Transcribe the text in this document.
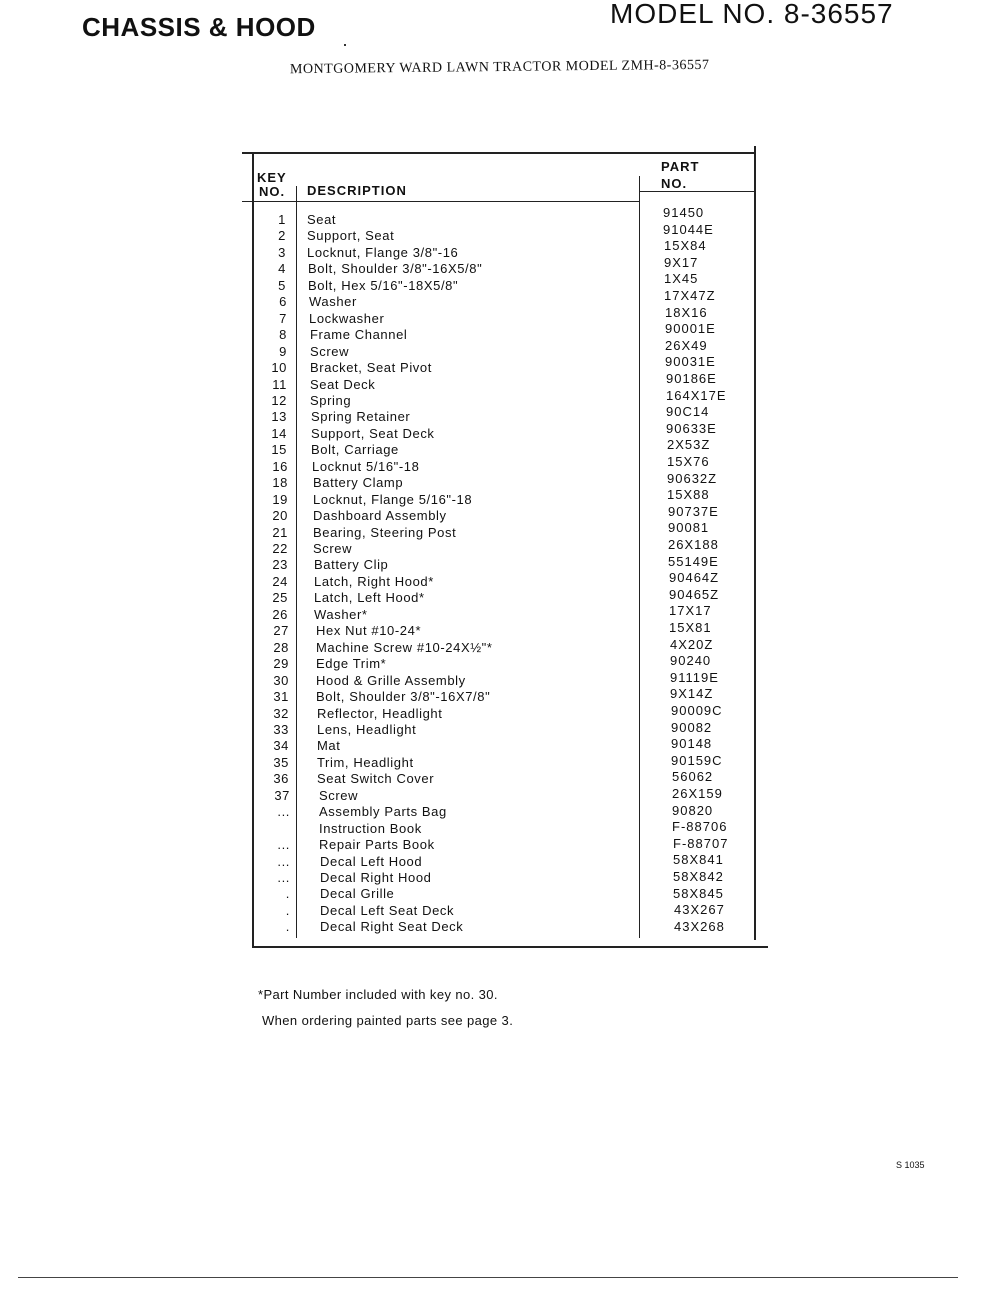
CHASSIS & HOOD	MODEL NO. 8-36557
MONTGOMERY WARD LAWN TRACTOR MODEL ZMH-8-36557
KEY
NO. DESCRIPTION
PART
NO.
1 Seat	91450
2 Support, Seat	91044E
3 Locknut, Flange 3/8"-16	15X84
4 Bolt, Shoulder 3/8"-16X5/8"	9X17
5 Bolt, Hex 5/16"-18X5/8"	1X45
6 Washer	17X47Z
7 Lockwasher	18X16
8 Frame Channel	90001E
9 Screw	26X49
10 Bracket, Seat Pivot	90031E
11 Seat Deck	90186E
12 Spring	164X17E
13 Spring Retainer	90C14
14 Support, Seat Deck	90633E
15 Bolt, Carriage	2X53Z
16 Locknut 5/16"-18	15X76
18 Battery Clamp	90632Z
19 Locknut, Flange 5/16"-18	15X88
20 Dashboard Assembly	90737E
21 Bearing, Steering Post	90081
22 Screw	26X188
23 Battery Clip	55149E
24 Latch, Right Hood*	90464Z
25 Latch, Left Hood*	90465Z
26 Washer*	17X17
27 Hex Nut #10-24*	15X81
28 Machine Screw #10-24X½"*	4X20Z
29 Edge Trim*	90240
30 Hood & Grille Assembly	91119E
31 Bolt, Shoulder 3/8"-16X7/8"	9X14Z
32 Reflector, Headlight	90009C
33 Lens, Headlight	90082
34 Mat	90148
35 Trim, Headlight	90159C
36 Seat Switch Cover	56062
37 Screw	26X159
... Assembly Parts Bag	90820
Instruction Book	F-88706
... Repair Parts Book	F-88707
... Decal Left Hood	58X841
... Decal Right Hood	58X842
. Decal Grille	58X845
. Decal Left Seat Deck	43X267
. Decal Right Seat Deck	43X268
*Part Number included with key no. 30.
When ordering painted parts see page 3.
S 1035
